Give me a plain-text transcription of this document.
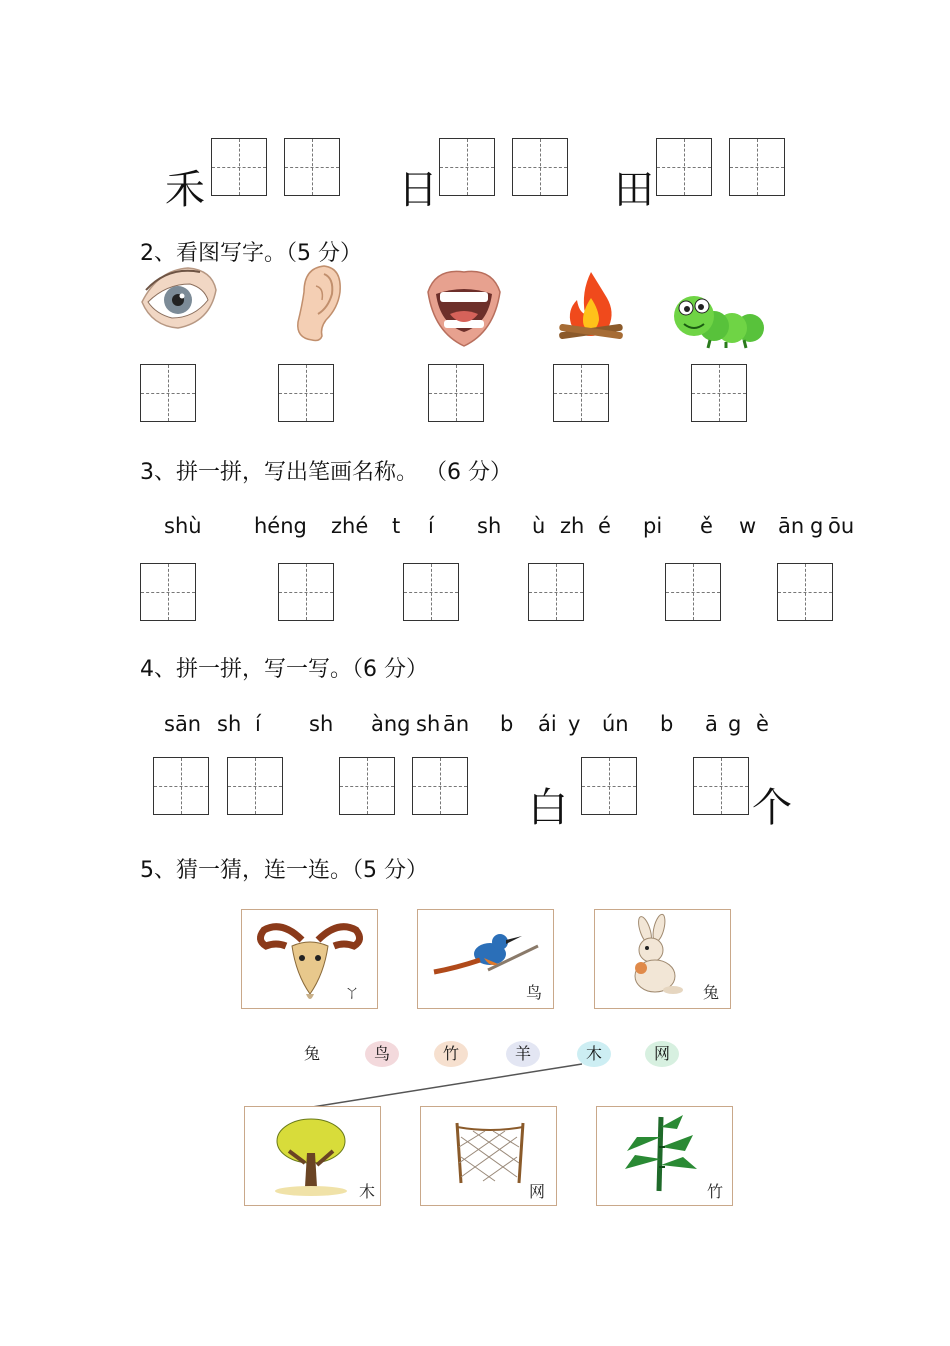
禾	日	田
2、看图写字。（5 分）
3、拼一拼，写出笔画名称。 （6 分）
shù héng zhé t í sh ù zh é pi ě w ān g ōu
4、拼一拼，写一写。（6 分）
sān sh í sh àng sh ān b ái y ún b ā g è
白	个
5、猜一猜，连一连。（5 分）
ㄚ	鸟	兔
兔	鸟	竹	羊	木	网
木	网	竹
